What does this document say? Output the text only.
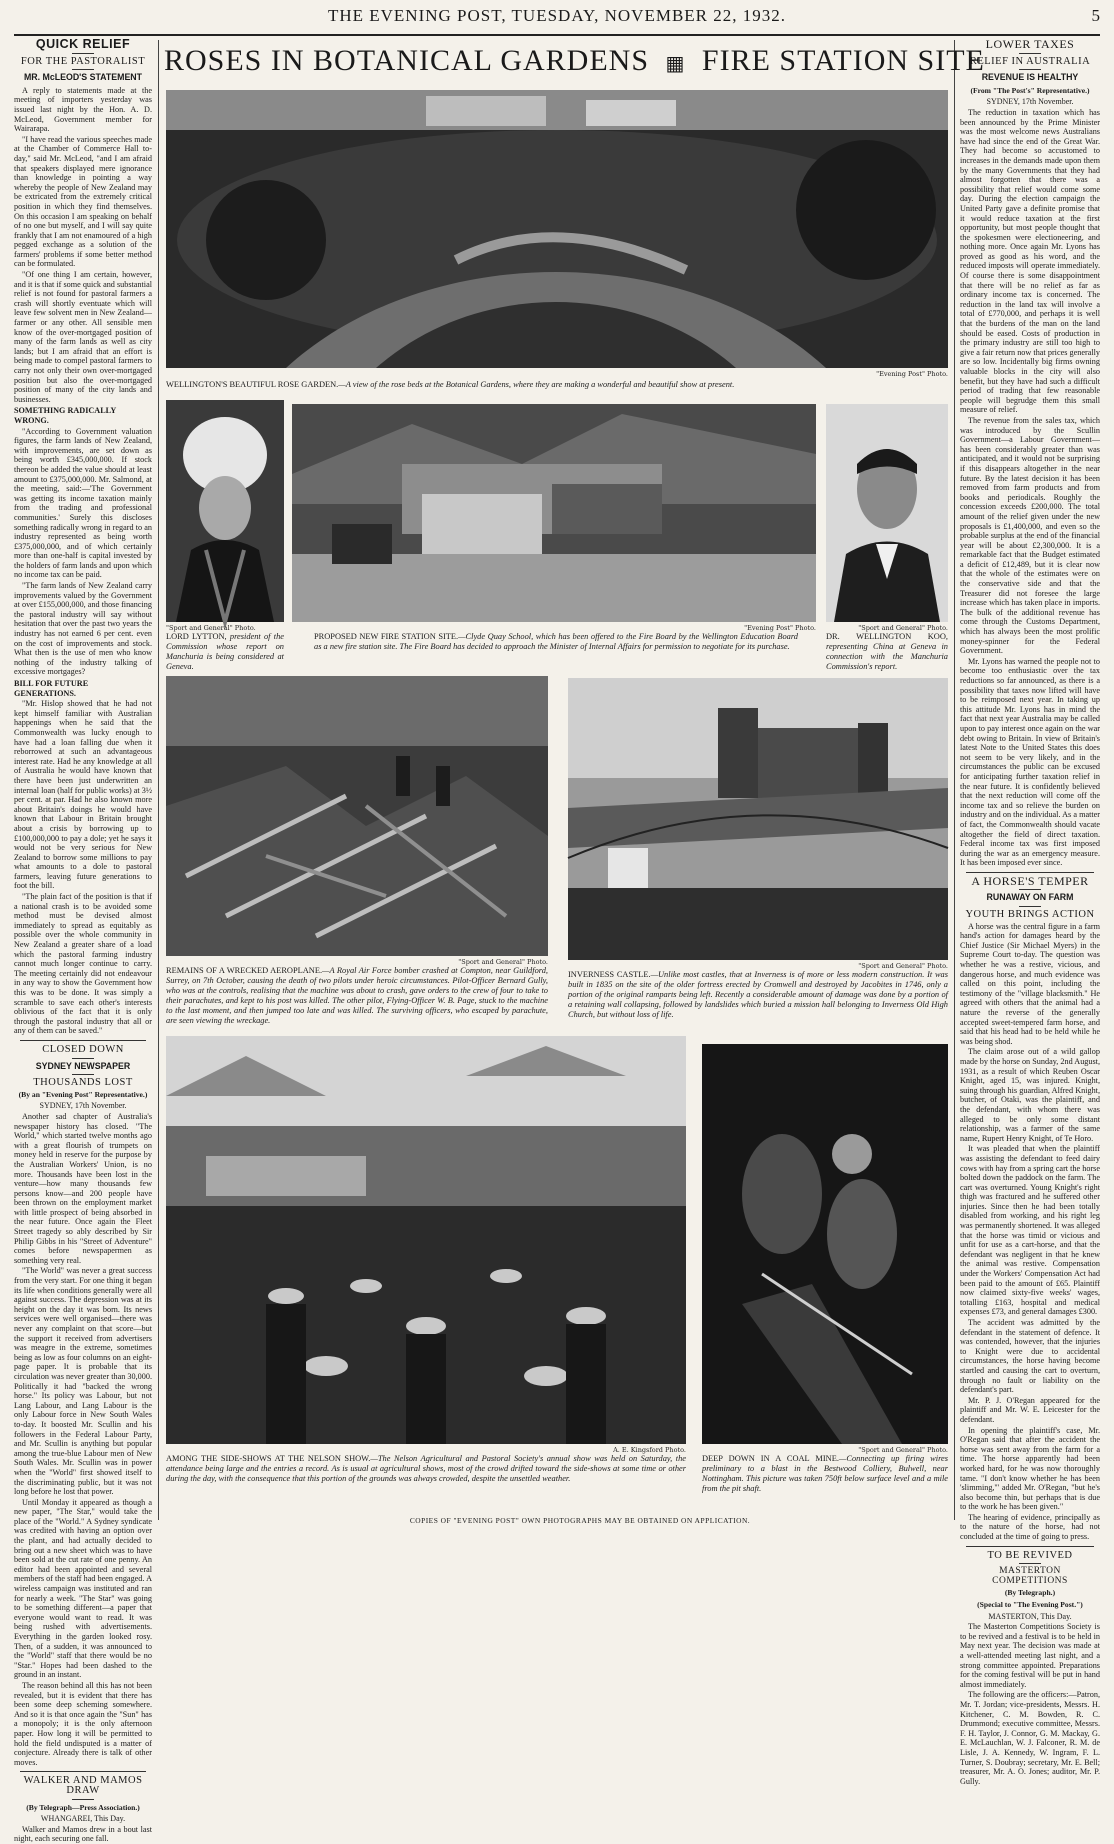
THE EVENING POST, TUESDAY, NOVEMBER 22, 1932.	5
QUICK RELIEF
FOR THE PASTORALIST
MR. McLEOD'S STATEMENT

A reply to statements made at the meeting of importers yesterday was issued last night by the Hon. A. D. McLeod, Government member for Wairarapa.

"I have read the various speeches made at the Chamber of Commerce Hall to-day," said Mr. McLeod, "and I am afraid that speakers displayed mere ignorance than knowledge in pointing a way whereby the people of New Zealand may be extricated from the extremely critical position in which they find themselves. On this occasion I am speaking on behalf of no one but myself, and I will say quite frankly that I am not enamoured of a high pegged exchange as a solution of the farmers' problems if some better method can be formulated.

"Of one thing I am certain, however, and it is that if some quick and substantial relief is not found for pastoral farmers a crash will shortly eventuate which will leave few solvent men in New Zealand—farmer or any other. All sensible men know of the over-mortgaged position of many of the farm lands as well as city lands; but I am afraid that an effort is being made to compel pastoral farmers to carry not only their own over-mortgaged position but also the over-mortgaged position of many of the city lands and businesses.

SOMETHING RADICALLY WRONG.

"According to Government valuation figures, the farm lands of New Zealand, with improvements, are set down as being worth £345,000,000. If stock thereon be added the value should at least amount to £375,000,000. Mr. Salmond, at the meeting, said:—'The Government was getting its income taxation mainly from the trading and professional communities.' Surely this discloses something radically wrong in regard to an industry represented as being worth £375,000,000, and of which certainly more than one-half is capital invested by the holders of farm lands and upon which no income tax can be paid.

"The farm lands of New Zealand carry improvements valued by the Government at over £155,000,000, and those financing the pastoral industry will say without hesitation that over the past two years the industry has not earned 6 per cent. even on the cost of improvements and stock. What then is the use of men who know nothing of the industry talking of excessive mortgages?

BILL FOR FUTURE GENERATIONS.

"Mr. Hislop showed that he had not kept himself familiar with Australian happenings when he said that the Commonwealth was lucky enough to have had a loan falling due when it reborrowed at such an advantageous interest rate. Had he any knowledge at all of Australia he would have known that there have been just underwritten an internal loan (half for public works) at 3½ per cent. at par. Had he also known more about Britain's doings he would have known that Labour in Britain brought about a crisis by borrowing up to £100,000,000 to pay a dole; yet he says it would not be very serious for New Zealand to borrow some millions to pay what amounts to a dole to pastoral farmers, leaving future generations to foot the bill.

"The plain fact of the position is that if a national crash is to be avoided some method must be devised almost immediately to spread as equitably as possible over the whole community in New Zealand a greater share of a load which the pastoral farming industry cannot much longer continue to carry. The meeting certainly did not endeavour in any way to show the Government how this was to be done. It was simply a scramble to save each other's interests oblivious of the fact that it is only through the pastoral industry that all or any of them can be saved."

CLOSED DOWN
SYDNEY NEWSPAPER
THOUSANDS LOST
(By an "Evening Post" Representative.)
SYDNEY, 17th November.

Another sad chapter of Australia's newspaper history has closed. "The World," which started twelve months ago with a great flourish of trumpets on money held in reserve for the purpose by the Australian Workers' Union, is no more. Thousands have been lost in the venture—how many thousands few persons know—and 200 people have been thrown on the employment market with little prospect of being absorbed in the near future. Once again the Fleet Street tragedy so ably described by Sir Philip Gibbs in his "Street of Adventure" comes before newspapermen as something very real.

"The World" was never a great success from the very start. For one thing it began its life when conditions generally were all against success. The depression was at its height on the day it was born. Its news services were well organised—there was never any complaint on that score—but the support it received from advertisers was meagre in the extreme, sometimes being as low as four columns on an eight-page paper. It is probable that its circulation was never greater than 30,000. Politically it had "backed the wrong horse." Its policy was Labour, but not Lang Labour, and Lang Labour is the only Labour force in New South Wales to-day. It boosted Mr. Scullin and his followers in the Federal Labour Party, and Mr. Scullin is anything but popular among the true-blue Labour men of New South Wales. Mr. Scullin was in power when the "World" first showed itself to the discriminating public, but it was not long before he lost that power.

Until Monday it appeared as though a new paper, "The Star," would take the place of the "World." A Sydney syndicate was credited with having an option over the plant, and had actually decided to bring out a new sheet which was to have been sold at the cut rate of one penny. An editor had been appointed and several members of the staff had been engaged. A wireless campaign was instituted and ran for nearly a week. "The Star" was going to be something different—a paper that everyone would want to read. It was being rushed with advertisements. Everything in the garden looked rosy. Then, of a sudden, it was announced to the "World" staff that there would be no "Star." Hopes had been dashed to the ground in an instant.

The reason behind all this has not been revealed, but it is evident that there has been some deep scheming somewhere. And so it is that once again the "Sun" has a monopoly; it is the only afternoon paper. How long it will be permitted to hold the field undisputed is a matter of conjecture. Already there is talk of other moves.

WALKER AND MAMOS DRAW
(By Telegraph—Press Association.)
WHANGAREI, This Day.

Walker and Mamos drew in a bout last night, each securing one fall.

ROSES IN BOTANICAL GARDENS ▦ FIRE STATION SITE
"Evening Post" Photo.
WELLINGTON'S BEAUTIFUL ROSE GARDEN.—A view of the rose beds at the Botanical Gardens, where they are making a wonderful and beautiful show at present.
"Sport and General" Photo.
LORD LYTTON, president of the Commission whose report on Manchuria is being considered at Geneva.
"Evening Post" Photo.
PROPOSED NEW FIRE STATION SITE.—Clyde Quay School, which has been offered to the Fire Board by the Wellington Education Board as a new fire station site. The Fire Board has decided to approach the Minister of Internal Affairs for permission to negotiate for its purchase.
"Sport and General" Photo.
DR. WELLINGTON KOO, representing China at Geneva in connection with the Manchuria Commission's report.
"Sport and General" Photo.
REMAINS OF A WRECKED AEROPLANE.—A Royal Air Force bomber crashed at Compton, near Guildford, Surrey, on 7th October, causing the death of two pilots under heroic circumstances. Pilot-Officer Bernard Gully, who was at the controls, realising that the machine was about to crash, gave orders to the crew of four to take to their parachutes, and kept to his post was killed. The other pilot, Flying-Officer W. B. Page, stuck to the machine to the last moment, and then jumped too late and was killed. The surviving officers, who escaped by parachute, are seen viewing the wreckage.
"Sport and General" Photo.
INVERNESS CASTLE.—Unlike most castles, that at Inverness is of more or less modern construction. It was built in 1835 on the site of the older fortress erected by Cromwell and destroyed by Jacobites in 1746, only a portion of the original ramparts being left. Recently a considerable amount of damage was done by a portion of a retaining wall collapsing, followed by landslides which buried a mission hall belonging to Inverness Old High Church, but without loss of life.
A. E. Kingsford Photo.
AMONG THE SIDE-SHOWS AT THE NELSON SHOW.—The Nelson Agricultural and Pastoral Society's annual show was held on Saturday, the attendance being large and the entries a record. As is usual at agricultural shows, most of the crowd drifted toward the side-shows at some time or other during the day, with the consequence that this portion of the grounds was always crowded, despite the unsettled weather.
"Sport and General" Photo.
DEEP DOWN IN A COAL MINE.—Connecting up firing wires preliminary to a blast in the Bestwood Colliery, Bulwell, near Nottingham. This picture was taken 750ft below surface level and a mile from the pit shaft.
COPIES OF "EVENING POST" OWN PHOTOGRAPHS MAY BE OBTAINED ON APPLICATION.
LOWER TAXES
RELIEF IN AUSTRALIA
REVENUE IS HEALTHY
(From "The Post's" Representative.)
SYDNEY, 17th November.

The reduction in taxation which has been announced by the Prime Minister was the most welcome news Australians have had since the end of the Great War. They had become so accustomed to increases in the demands made upon them by the many Governments that they had almost forgotten that there was a possibility that relief would come some day. During the election campaign the United Party gave a definite promise that it would reduce taxation at the first opportunity, but most people thought that the spokesmen were electioneering, and nothing more. Once again Mr. Lyons has proved as good as his word, and the reduced imposts will operate immediately. Of course there is some disappointment that there will be no relief as far as ordinary income tax is concerned. The reduction in the land tax will involve a total of £770,000, and perhaps it is well that the burdens of the man on the land should be eased. Costs of production in the primary industry are still too high to give a fair return now that prices generally are so low. Incidentally big firms owning valuable blocks in the city will also benefit, but they have had such a difficult period of trading that few reasonable people will begrudge them this small measure of relief.

The revenue from the sales tax, which was introduced by the Scullin Government—a Labour Government—has been considerably greater than was anticipated, and it would not be surprising if this disappears altogether in the near future. By the latest decision it has been removed from farm products and from books and periodicals. Roughly the concession exceeds £200,000. The total amount of the relief given under the new proposals is £1,400,000, and even so the probable surplus at the end of the financial year will be about £2,300,000. It is a remarkable fact that the Budget estimated a deficit of £12,489, but it is clear now that the whole of the estimates were on the conservative side and that the Treasurer did not foresee the large increase which has taken place in imports. The bulk of the additional revenue has come through the Customs Department, which has always been the most prolific money-spinner for the Federal Government.

Mr. Lyons has warned the people not to become too enthusiastic over the tax reductions so far announced, as there is a possibility that taxes now lifted will have to be reimposed next year. In taking up this attitude Mr. Lyons has in mind the fact that next year Australia may be called upon to pay interest once again on the war debt owing to Britain. In view of Britain's latest Note to the United States this does not seem to be very likely, and in the circumstances the public can be excused for anticipating further taxation relief in the near future. It is confidently believed that the next reduction will come off the income tax and so relieve the burden on industry and on the individual. As a matter of fact, the Commonwealth should vacate altogether the field of direct taxation. Federal income tax was first imposed during the war as an emergency measure. It has been imposed ever since.

A HORSE'S TEMPER
RUNAWAY ON FARM
YOUTH BRINGS ACTION

A horse was the central figure in a farm hand's action for damages heard by the Chief Justice (Sir Michael Myers) in the Supreme Court to-day. The question was whether he was a restive, vicious, and dangerous horse, and much evidence was called on this point, including the testimony of the "village blacksmith." He agreed with others that the animal had a nature the reverse of the generally accepted sweet-tempered farm horse, and said that his head had to be held while he was being shod.

The claim arose out of a wild gallop made by the horse on Sunday, 2nd August, 1931, as a result of which Reuben Oscar Knight, aged 15, was injured. Knight, suing through his guardian, Alfred Knight, butcher, of Otaki, was the plaintiff, and the defendant, with whom there was alleged to be only some distant relationship, was a farmer of the same name, Rupert Henry Knight, of Te Horo.

It was pleaded that when the plaintiff was assisting the defendant to feed dairy cows with hay from a spring cart the horse bolted down the paddock on the farm. The cart was overturned. Young Knight's right thigh was fractured and he suffered other injuries. Since then he had been totally disabled from working, and his right leg was permanently shortened. It was alleged that the horse was timid or vicious and unfit for use as a cart-horse, and that the defendant was negligent in that he knew the animal was restive. Compensation under the Workers' Compensation Act had been paid to the amount of £65. Plaintiff now claimed sixty-five weeks' wages, totalling £163, hospital and medical expenses £73, and general damages £300.

The accident was admitted by the defendant in the statement of defence. It was contended, however, that the injuries to Knight were due to accidental circumstances, the horse having become startled and causing the cart to overturn, through no fault or liability on the defendant's part.

Mr. P. J. O'Regan appeared for the plaintiff and Mr. W. E. Leicester for the defendant.

In opening the plaintiff's case, Mr. O'Regan said that after the accident the horse was sent away from the farm for a time. The horse apparently had been worked hard, for he was now thoroughly tame. "I don't know whether he has been 'slimming,'" added Mr. O'Regan, "but he's also become thin, but perhaps that is due to the work he has been given."

The hearing of evidence, principally as to the nature of the horse, had not concluded at the time of going to press.

TO BE REVIVED
MASTERTON COMPETITIONS
(By Telegraph.)
(Special to "The Evening Post.")
MASTERTON, This Day.

The Masterton Competitions Society is to be revived and a festival is to be held in May next year. The decision was made at a well-attended meeting last night, and a strong committee appointed. Preparations for the coming festival will be put in hand almost immediately.

The following are the officers:—Patron, Mr. T. Jordan; vice-presidents, Messrs. H. Kitchener, C. M. Bowden, R. C. Drummond; executive committee, Messrs. F. H. Taylor, J. Connor, G. M. Mackay, G. E. McLauchlan, W. J. Falconer, R. M. de Lisle, J. A. Kennedy, W. Ingram, F. L. Turner, S. Doubray; secretary, Mr. E. Bell; treasurer, Mr. A. O. Jones; auditor, Mr. P. Gully.
